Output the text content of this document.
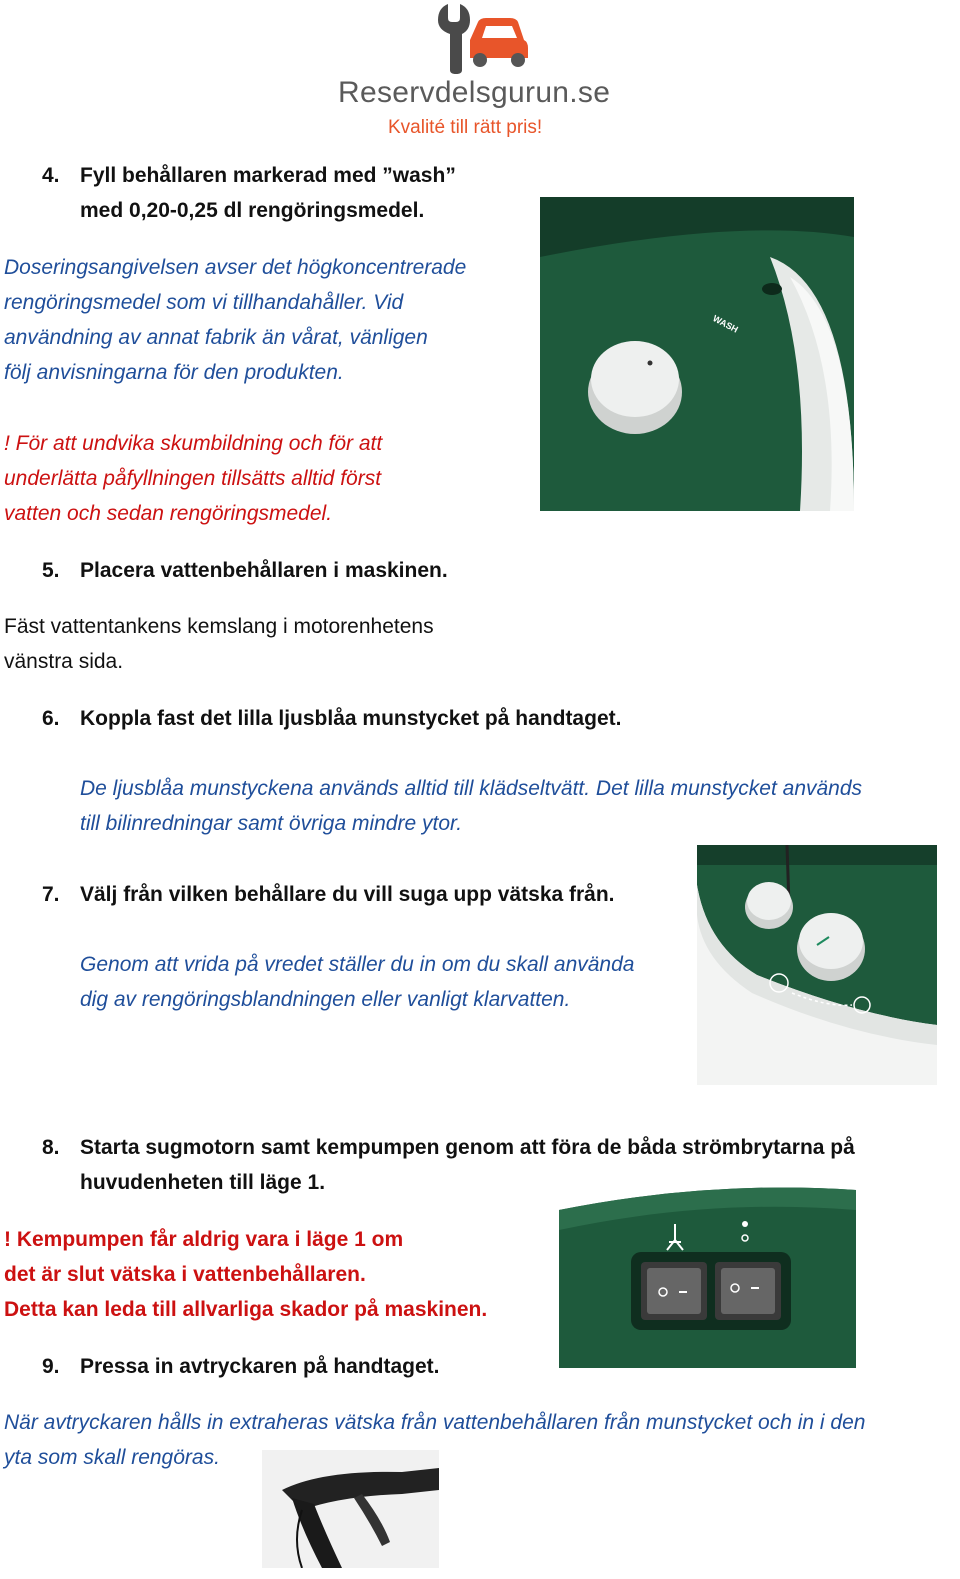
Reservdelsgurun.se
Kvalité till rätt pris!
4. Fyll behållaren markerad med ”wash”
med 0,20-0,25 dl rengöringsmedel.
Doseringsangivelsen avser det högkoncentrerade
rengöringsmedel som vi tillhandahåller. Vid
användning av annat fabrik än vårat, vänligen
följ anvisningarna för den produkten.
! För att undvika skumbildning och för att
underlätta påfyllningen tillsätts alltid först
vatten och sedan rengöringsmedel.
WASH
5. Placera vattenbehållaren i maskinen.
Fäst vattentankens kemslang i motorenhetens
vänstra sida.
6. Koppla fast det lilla ljusblåa munstycket på handtaget.
De ljusblåa munstyckena används alltid till klädseltvätt. Det lilla munstycket används
till bilinredningar samt övriga mindre ytor.
7. Välj från vilken behållare du vill suga upp vätska från.
Genom att vrida på vredet ställer du in om du skall använda
dig av rengöringsblandningen eller vanligt klarvatten.
8. Starta sugmotorn samt kempumpen genom att föra de båda strömbrytarna på
huvudenheten till läge 1.
! Kempumpen får aldrig vara i läge 1 om
det är slut vätska i vattenbehållaren.
Detta kan leda till allvarliga skador på maskinen.
9. Pressa in avtryckaren på handtaget.
När avtryckaren hålls in extraheras vätska från vattenbehållaren från munstycket och in i den
yta som skall rengöras.
